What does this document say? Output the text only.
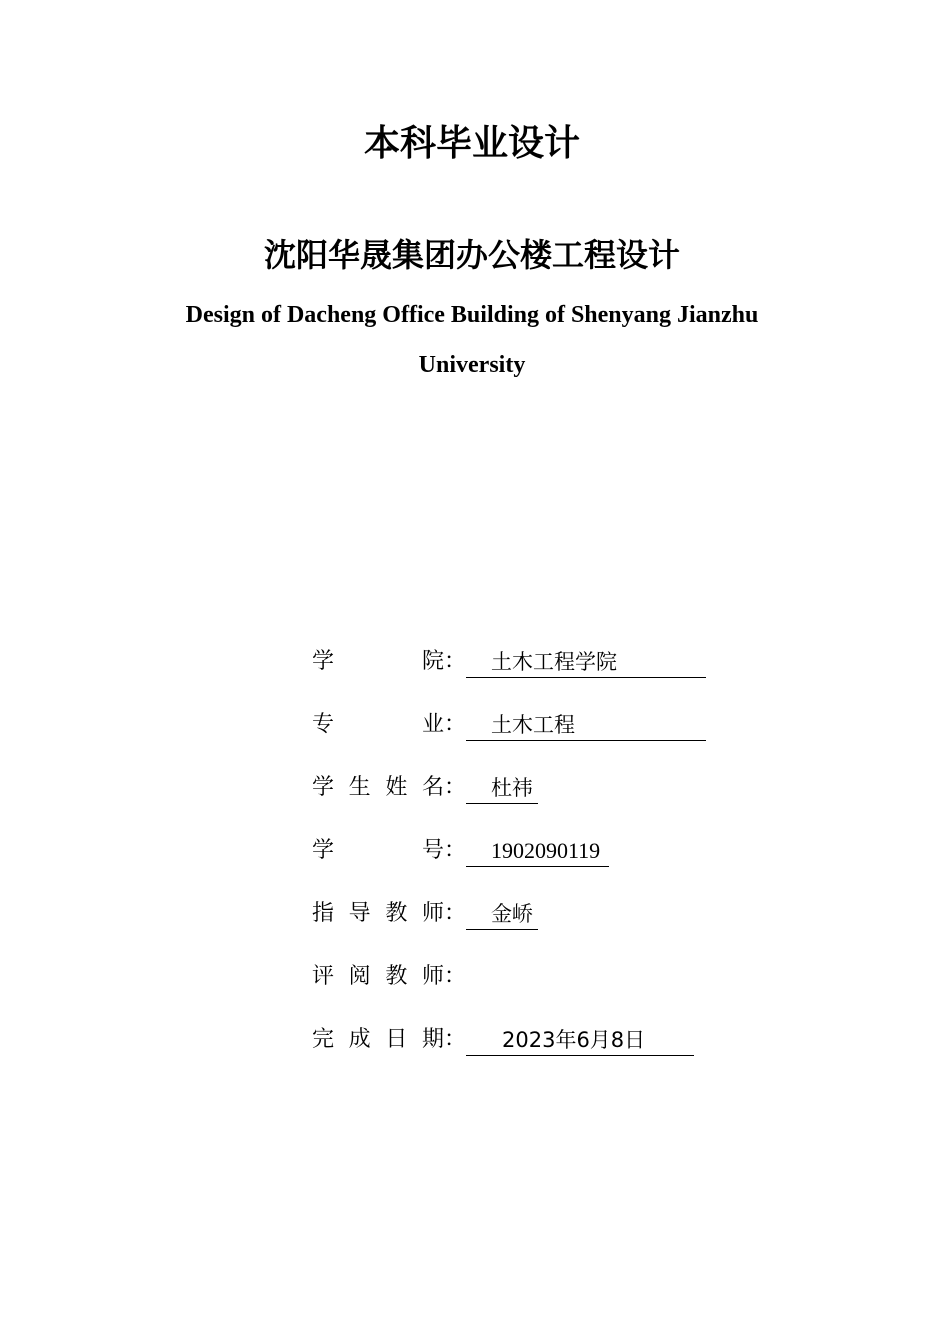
本科毕业设计
沈阳华晟集团办公楼工程设计
Design of Dacheng Office Building of Shenyang Jianzhu University
学	院：	土木工程学院
专	业：	土木工程
学 生 姓 名：	杜祎
学	号：	1902090119
指 导 教 师：	金峤
评 阅 教 师：
完 成 日 期：	2023年6月8日
